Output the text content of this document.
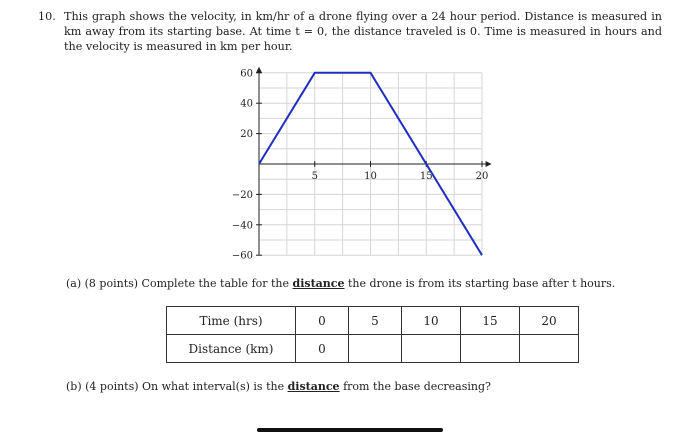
10. This graph shows the velocity, in km/hr of a drone flying over a 24 hour period. Distance is measured in km away from its starting base. At time t = 0, the distance traveled is 0. Time is measured in hours and the velocity is measured in km per hour.
5	10	15	20
60
40
20
−20
−40
−60
(a) (8 points) Complete the table for the distance the drone is from its starting base after t hours.
Time (hrs)	0	5	10	15	20
Distance (km)	0				
(b) (4 points) On what interval(s) is the distance from the base decreasing?
